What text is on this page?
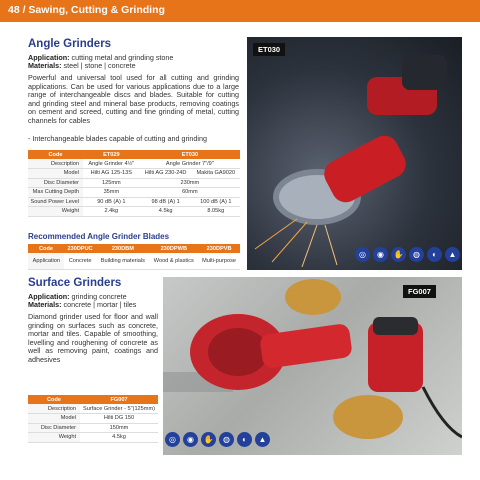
48 / Sawing, Cutting & Grinding
Angle Grinders
Application: cutting metal and grinding stone
Materials: steel | stone | concrete
Powerful and universal tool used for all cutting and grinding applications. Can be used for various applications due to a large range of interchangeable discs and blades. Suitable for cutting and grinding steel and mineral base products, removing coatings on cement and screed, cutting and fine grinding of metal, cutting channels for cables
- Interchangeable blades capable of cutting and grinding
Code	ET029	ET030	
Description	Angle Grinder 4½"	Angle Grinder 7"/9"	
Model	Hilti AG 125-13S	Hilti AG 230-24D	Makita GA9020
Disc Diameter	125mm	230mm	
Max Cutting Depth	35mm	60mm	
Sound Power Level	90 dB (A) 1	98 dB (A) 1	100 dB (A) 1
Weight	2.4kg	4.5kg	8.05kg
Recommended Angle Grinder Blades
Code	230DPUC	230DBM	230DPWB	230DPVB
Application	Concrete	Building materials	Wood & plastics	Multi-purpose
ET030
◎	◉	✋	◍	◐	▲
Surface Grinders
Application: grinding concrete
Materials: concrete | mortar | tiles
Diamond grinder used for floor and wall grinding on surfaces such as concrete, mortar and tiles. Capable of smoothing, levelling and roughening of concrete as well as removing paint, coatings and adhesives
Code	FG007
Description	Surface Grinder - 5"(125mm)
Model	Hilti DG 150
Disc Diameter	150mm
Weight	4.5kg
FG007
◎	◉	✋	◍	◐	▲
